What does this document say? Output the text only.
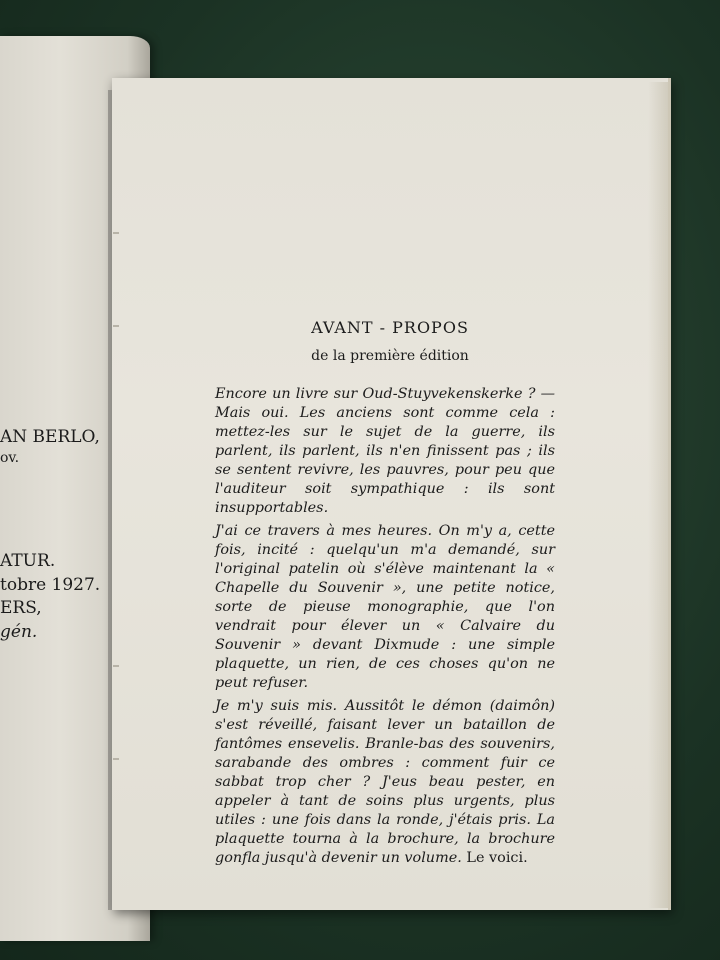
AN BERLO,
ov.
ATUR.
tobre 1927.
ERS,
gén.
AVANT - PROPOS
de la première édition

Encore un livre sur Oud-Stuyvekenskerke ? — Mais oui. Les anciens sont comme cela : mettez-les sur le sujet de la guerre, ils parlent, ils parlent, ils n'en finissent pas ; ils se sentent revivre, les pauvres, pour peu que l'auditeur soit sympathique : ils sont insupportables.

J'ai ce travers à mes heures. On m'y a, cette fois, incité : quelqu'un m'a demandé, sur l'original patelin où s'élève maintenant la « Chapelle du Souvenir », une petite notice, sorte de pieuse monographie, que l'on vendrait pour élever un « Calvaire du Souvenir » devant Dixmude : une simple plaquette, un rien, de ces choses qu'on ne peut refuser.

Je m'y suis mis. Aussitôt le démon (daimôn) s'est réveillé, faisant lever un bataillon de fantômes ensevelis. Branle-bas des souvenirs, sarabande des ombres : comment fuir ce sabbat trop cher ? J'eus beau pester, en appeler à tant de soins plus urgents, plus utiles : une fois dans la ronde, j'étais pris. La plaquette tourna à la brochure, la brochure gonfla jusqu'à devenir un volume. Le voici.
